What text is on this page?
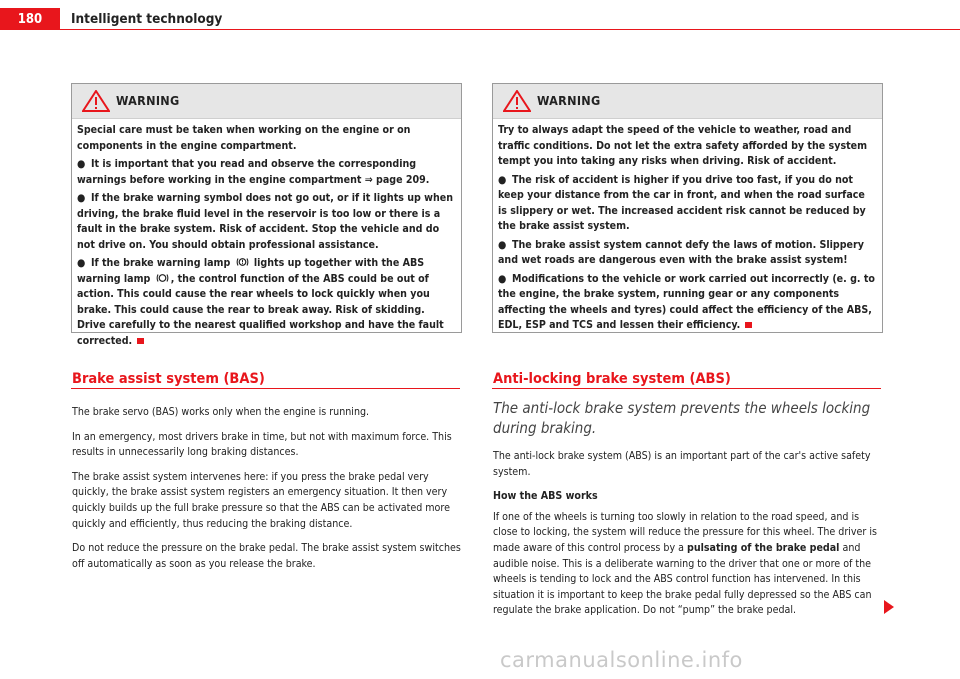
180	Intelligent technology
WARNING

Special care must be taken when working on the engine or on components in the engine compartment.

● It is important that you read and observe the corresponding warnings before working in the engine compartment ⇒ page 209.

● If the brake warning symbol does not go out, or if it lights up when driving, the brake fluid level in the reservoir is too low or there is a fault in the brake system. Risk of accident. Stop the vehicle and do not drive on. You should obtain professional assistance.

● If the brake warning lamp  lights up together with the ABS warning lamp , the control function of the ABS could be out of action. This could cause the rear wheels to lock quickly when you brake. This could cause the rear to break away. Risk of skidding. Drive carefully to the nearest qualified workshop and have the fault corrected.

WARNING

Try to always adapt the speed of the vehicle to weather, road and traffic conditions. Do not let the extra safety afforded by the system tempt you into taking any risks when driving. Risk of accident.

● The risk of accident is higher if you drive too fast, if you do not keep your distance from the car in front, and when the road surface is slippery or wet. The increased accident risk cannot be reduced by the brake assist system.

● The brake assist system cannot defy the laws of motion. Slippery and wet roads are dangerous even with the brake assist system!

● Modifications to the vehicle or work carried out incorrectly (e. g. to the engine, the brake system, running gear or any components affecting the wheels and tyres) could affect the efficiency of the ABS, EDL, ESP and TCS and lessen their efficiency.

Brake assist system (BAS)

The brake servo (BAS) works only when the engine is running.

In an emergency, most drivers brake in time, but not with maximum force. This results in unnecessarily long braking distances.

The brake assist system intervenes here: if you press the brake pedal very quickly, the brake assist system registers an emergency situation. It then very quickly builds up the full brake pressure so that the ABS can be activated more quickly and efficiently, thus reducing the braking distance.

Do not reduce the pressure on the brake pedal. The brake assist system switches off automatically as soon as you release the brake.

Anti-locking brake system (ABS)
The anti-lock brake system prevents the wheels locking during braking.

The anti-lock brake system (ABS) is an important part of the car's active safety system.

How the ABS works

If one of the wheels is turning too slowly in relation to the road speed, and is close to locking, the system will reduce the pressure for this wheel. The driver is made aware of this control process by a pulsating of the brake pedal and audible noise. This is a deliberate warning to the driver that one or more of the wheels is tending to lock and the ABS control function has intervened. In this situation it is important to keep the brake pedal fully depressed so the ABS can regulate the brake application. Do not “pump” the brake pedal.

carmanualsonline.info
